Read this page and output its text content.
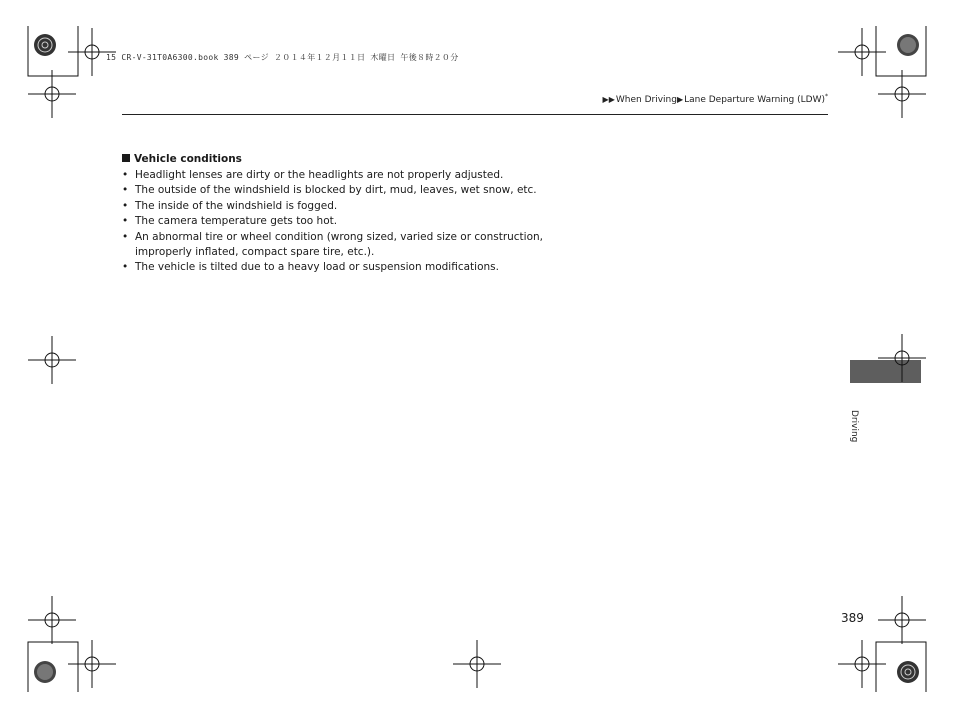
15 CR-V-31T0A6300.book 389 ページ ２０１４年１２月１１日 木曜日 午後８時２０分
▶▶When Driving▶Lane Departure Warning (LDW)*
Vehicle conditions
• Headlight lenses are dirty or the headlights are not properly adjusted.
• The outside of the windshield is blocked by dirt, mud, leaves, wet snow, etc.
• The inside of the windshield is fogged.
• The camera temperature gets too hot.
• An abnormal tire or wheel condition (wrong sized, varied size or construction, improperly inflated, compact spare tire, etc.).
• The vehicle is tilted due to a heavy load or suspension modifications.
Driving
389
